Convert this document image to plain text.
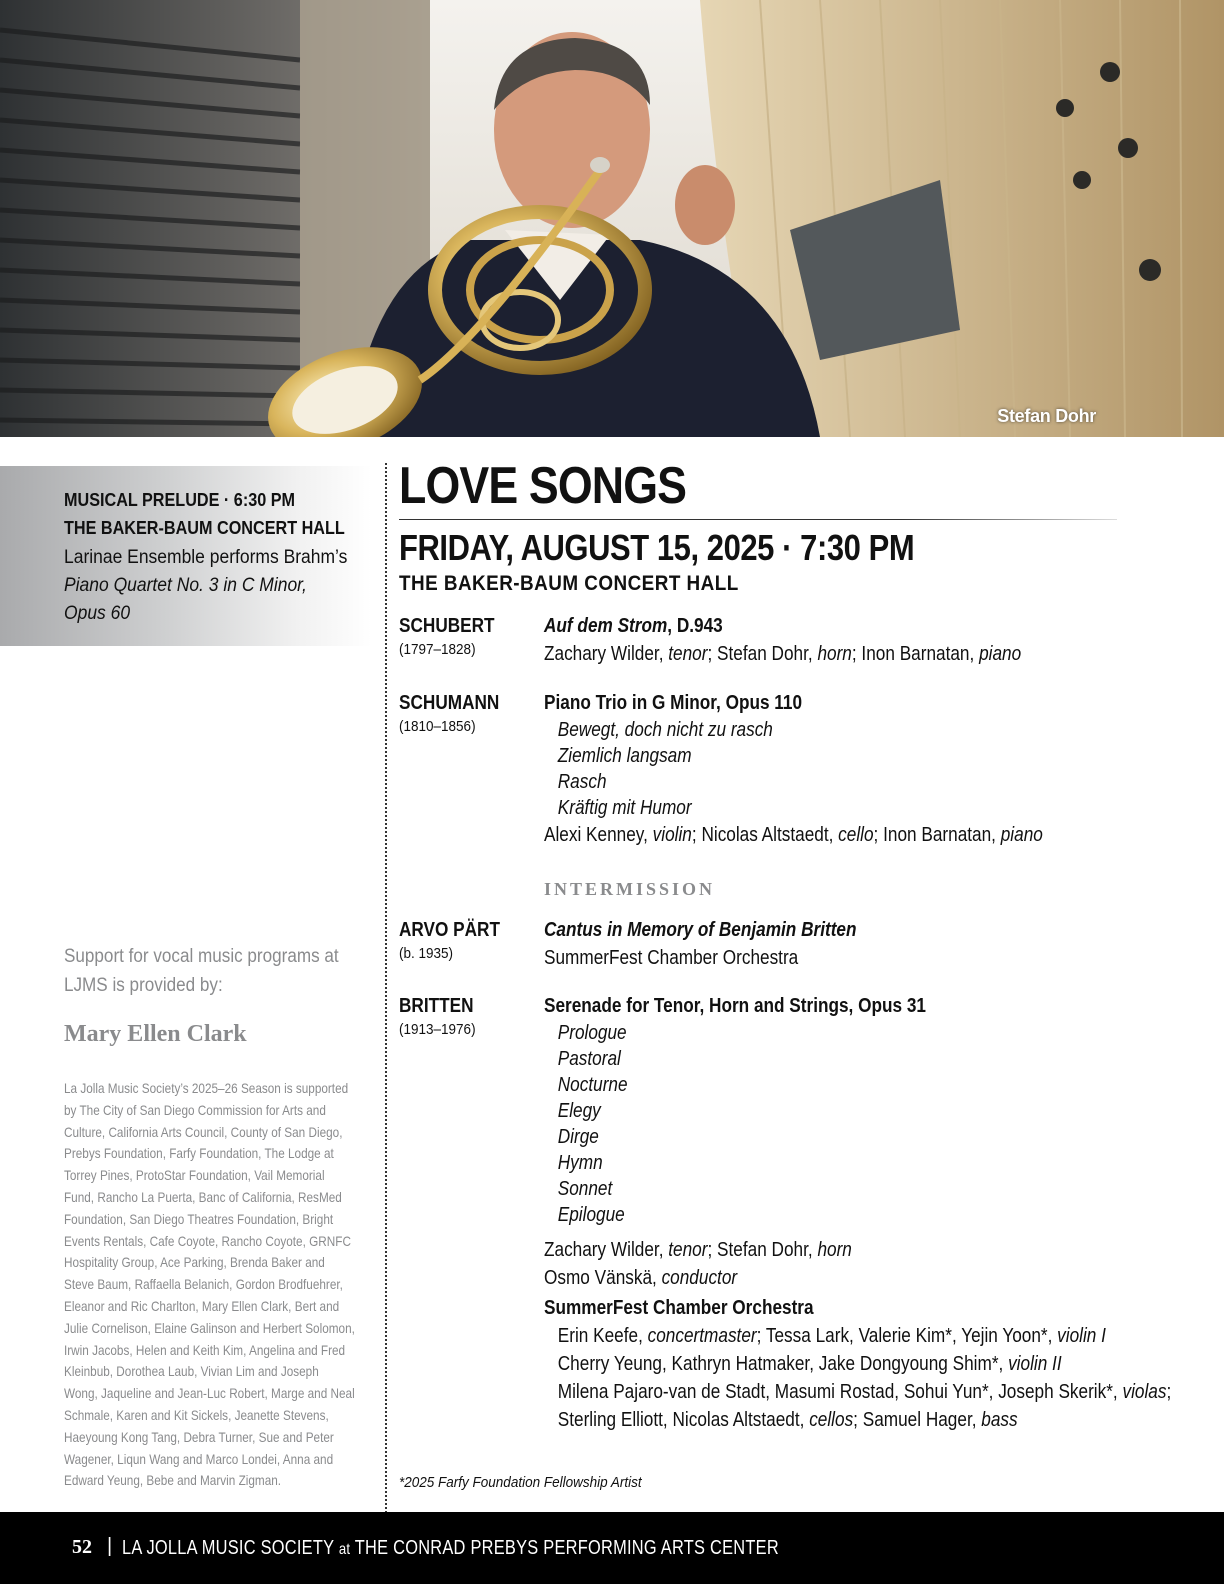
Stefan Dohr
MUSICAL PRELUDE · 6:30 PM
THE BAKER-BAUM CONCERT HALL
Larinae Ensemble performs Brahm’s
Piano Quartet No. 3 in C Minor,
Opus 60
Support for vocal music programs at
LJMS is provided by:
Mary Ellen Clark
La Jolla Music Society’s 2025–26 Season is supported
by The City of San Diego Commission for Arts and
Culture, California Arts Council, County of San Diego,
Prebys Foundation, Farfy Foundation, The Lodge at
Torrey Pines, ProtoStar Foundation, Vail Memorial
Fund, Rancho La Puerta, Banc of California, ResMed
Foundation, San Diego Theatres Foundation, Bright
Events Rentals, Cafe Coyote, Rancho Coyote, GRNFC
Hospitality Group, Ace Parking, Brenda Baker and
Steve Baum, Raffaella Belanich, Gordon Brodfuehrer,
Eleanor and Ric Charlton, Mary Ellen Clark, Bert and
Julie Cornelison, Elaine Galinson and Herbert Solomon,
Irwin Jacobs, Helen and Keith Kim, Angelina and Fred
Kleinbub, Dorothea Laub, Vivian Lim and Joseph
Wong, Jaqueline and Jean-Luc Robert, Marge and Neal
Schmale, Karen and Kit Sickels, Jeanette Stevens,
Haeyoung Kong Tang, Debra Turner, Sue and Peter
Wagener, Liqun Wang and Marco Londei, Anna and
Edward Yeung, Bebe and Marvin Zigman.
LOVE SONGS
FRIDAY, AUGUST 15, 2025 · 7:30 PM
THE BAKER-BAUM CONCERT HALL
SCHUBERT
(1797–1828)
Auf dem Strom, D.943
Zachary Wilder, tenor; Stefan Dohr, horn; Inon Barnatan, piano
SCHUMANN
(1810–1856)
Piano Trio in G Minor, Opus 110
Bewegt, doch nicht zu rasch
Ziemlich langsam
Rasch
Kräftig mit Humor
Alexi Kenney, violin; Nicolas Altstaedt, cello; Inon Barnatan, piano
INTERMISSION
ARVO PÄRT
(b. 1935)
Cantus in Memory of Benjamin Britten
SummerFest Chamber Orchestra
BRITTEN
(1913–1976)
Serenade for Tenor, Horn and Strings, Opus 31
Prologue
Pastoral
Nocturne
Elegy
Dirge
Hymn
Sonnet
Epilogue
Zachary Wilder, tenor; Stefan Dohr, horn
Osmo Vänskä, conductor
SummerFest Chamber Orchestra
Erin Keefe, concertmaster; Tessa Lark, Valerie Kim*, Yejin Yoon*, violin I
Cherry Yeung, Kathryn Hatmaker, Jake Dongyoung Shim*, violin II
Milena Pajaro-van de Stadt, Masumi Rostad, Sohui Yun*, Joseph Skerik*, violas;
Sterling Elliott, Nicolas Altstaedt, cellos; Samuel Hager, bass
*2025 Farfy Foundation Fellowship Artist
52 | LA JOLLA MUSIC SOCIETY at THE CONRAD PREBYS PERFORMING ARTS CENTER
